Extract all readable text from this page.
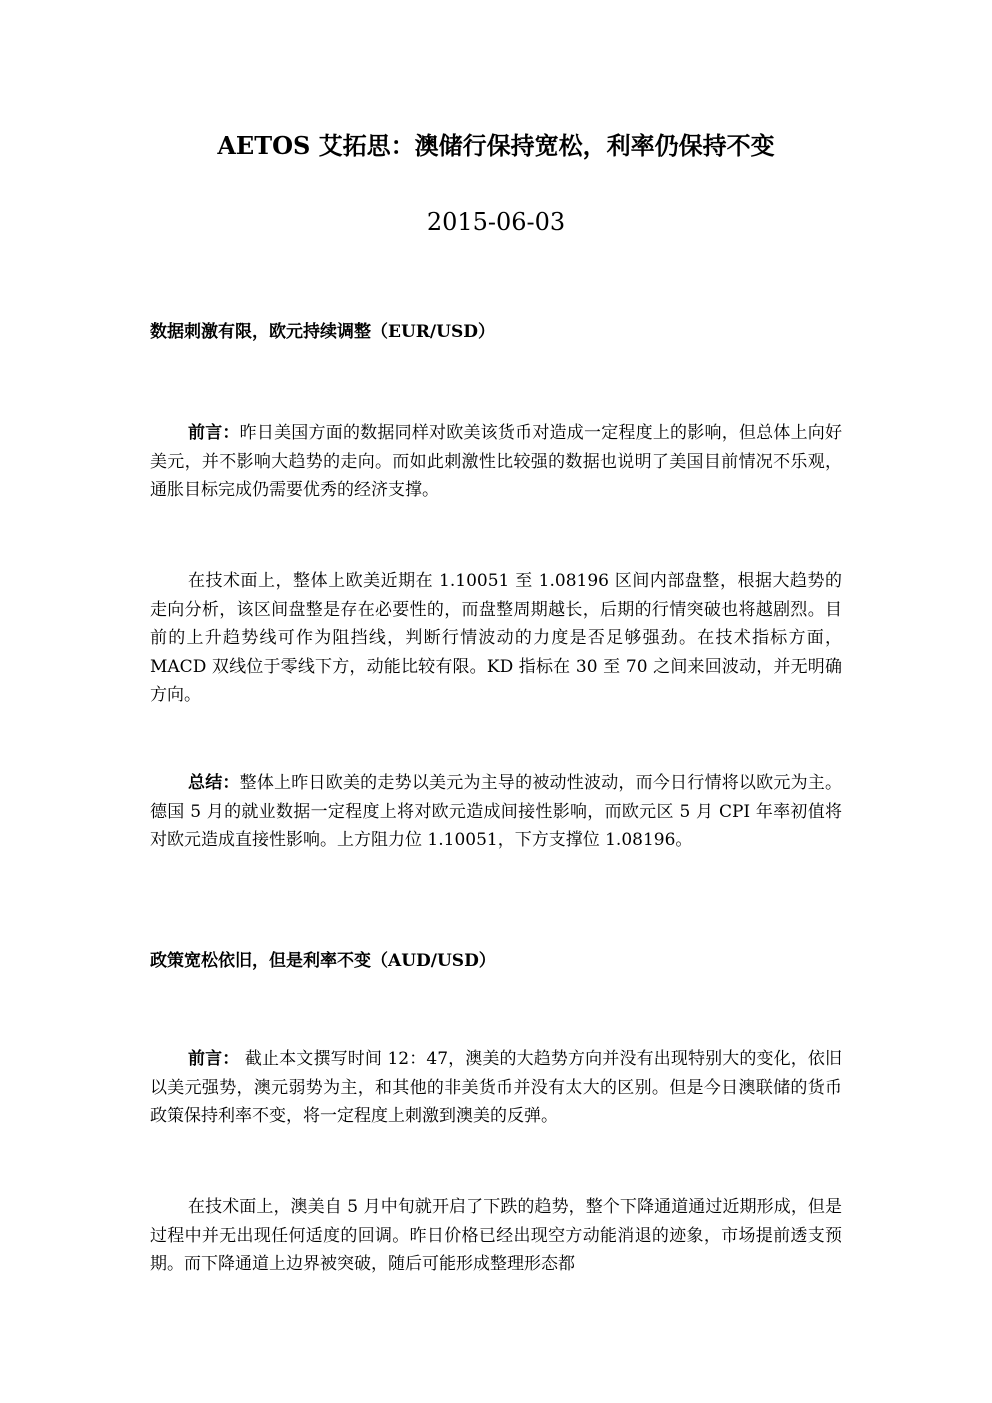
AETOS 艾拓思：澳储行保持宽松，利率仍保持不变
2015-06-03
数据刺激有限，欧元持续调整（EUR/USD）

前言：昨日美国方面的数据同样对欧美该货币对造成一定程度上的影响，但总体上向好美元，并不影响大趋势的走向。而如此刺激性比较强的数据也说明了美国目前情况不乐观，通胀目标完成仍需要优秀的经济支撑。

在技术面上，整体上欧美近期在 1.10051 至 1.08196 区间内部盘整，根据大趋势的走向分析，该区间盘整是存在必要性的，而盘整周期越长，后期的行情突破也将越剧烈。目前的上升趋势线可作为阻挡线，判断行情波动的力度是否足够强劲。在技术指标方面，MACD 双线位于零线下方，动能比较有限。KD 指标在 30 至 70 之间来回波动，并无明确方向。

总结：整体上昨日欧美的走势以美元为主导的被动性波动，而今日行情将以欧元为主。德国 5 月的就业数据一定程度上将对欧元造成间接性影响，而欧元区 5 月 CPI 年率初值将对欧元造成直接性影响。上方阻力位 1.10051，下方支撑位 1.08196。

政策宽松依旧，但是利率不变（AUD/USD）

前言： 截止本文撰写时间 12：47，澳美的大趋势方向并没有出现特别大的变化，依旧以美元强势，澳元弱势为主，和其他的非美货币并没有太大的区别。但是今日澳联储的货币政策保持利率不变，将一定程度上刺激到澳美的反弹。

在技术面上，澳美自 5 月中旬就开启了下跌的趋势，整个下降通道通过近期形成，但是过程中并无出现任何适度的回调。昨日价格已经出现空方动能消退的迹象，市场提前透支预期。而下降通道上边界被突破，随后可能形成整理形态都
